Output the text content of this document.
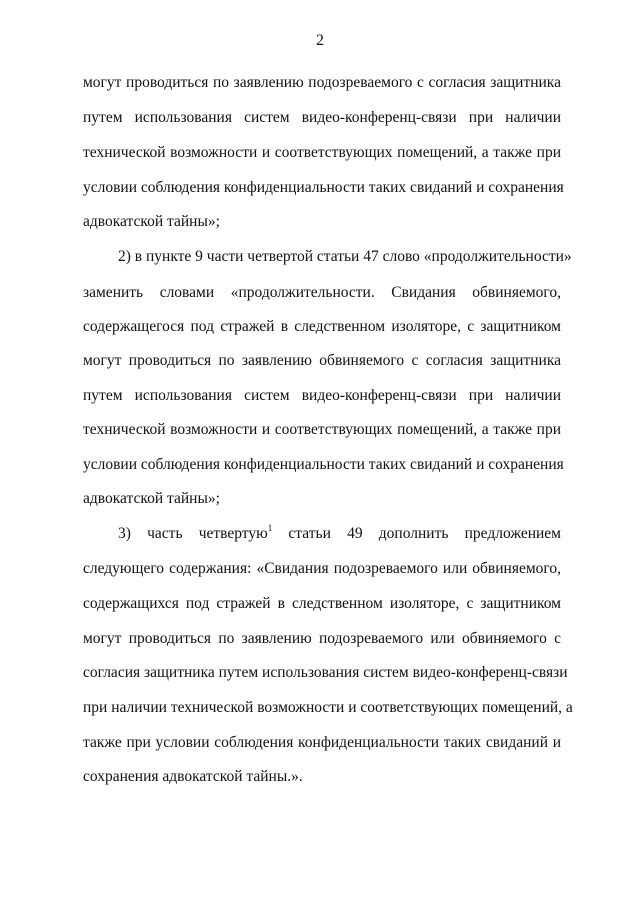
2
могут проводиться по заявлению подозреваемого с согласия защитника
путем использования систем видео-конференц-связи при наличии
технической возможности и соответствующих помещений, а также при
условии соблюдения конфиденциальности таких свиданий и сохранения
адвокатской тайны»;
2) в пункте 9 части четвертой статьи 47 слово «продолжительности»
заменить словами «продолжительности. Свидания обвиняемого,
содержащегося под стражей в следственном изоляторе, с защитником
могут проводиться по заявлению обвиняемого с согласия защитника
путем использования систем видео-конференц-связи при наличии
технической возможности и соответствующих помещений, а также при
условии соблюдения конфиденциальности таких свиданий и сохранения
адвокатской тайны»;
3) часть четвертую$^1$ статьи 49 дополнить предложением
следующего содержания: «Свидания подозреваемого или обвиняемого,
содержащихся под стражей в следственном изоляторе, с защитником
могут проводиться по заявлению подозреваемого или обвиняемого с
согласия защитника путем использования систем видео-конференц-связи
при наличии технической возможности и соответствующих помещений, а
также при условии соблюдения конфиденциальности таких свиданий и
сохранения адвокатской тайны.».
